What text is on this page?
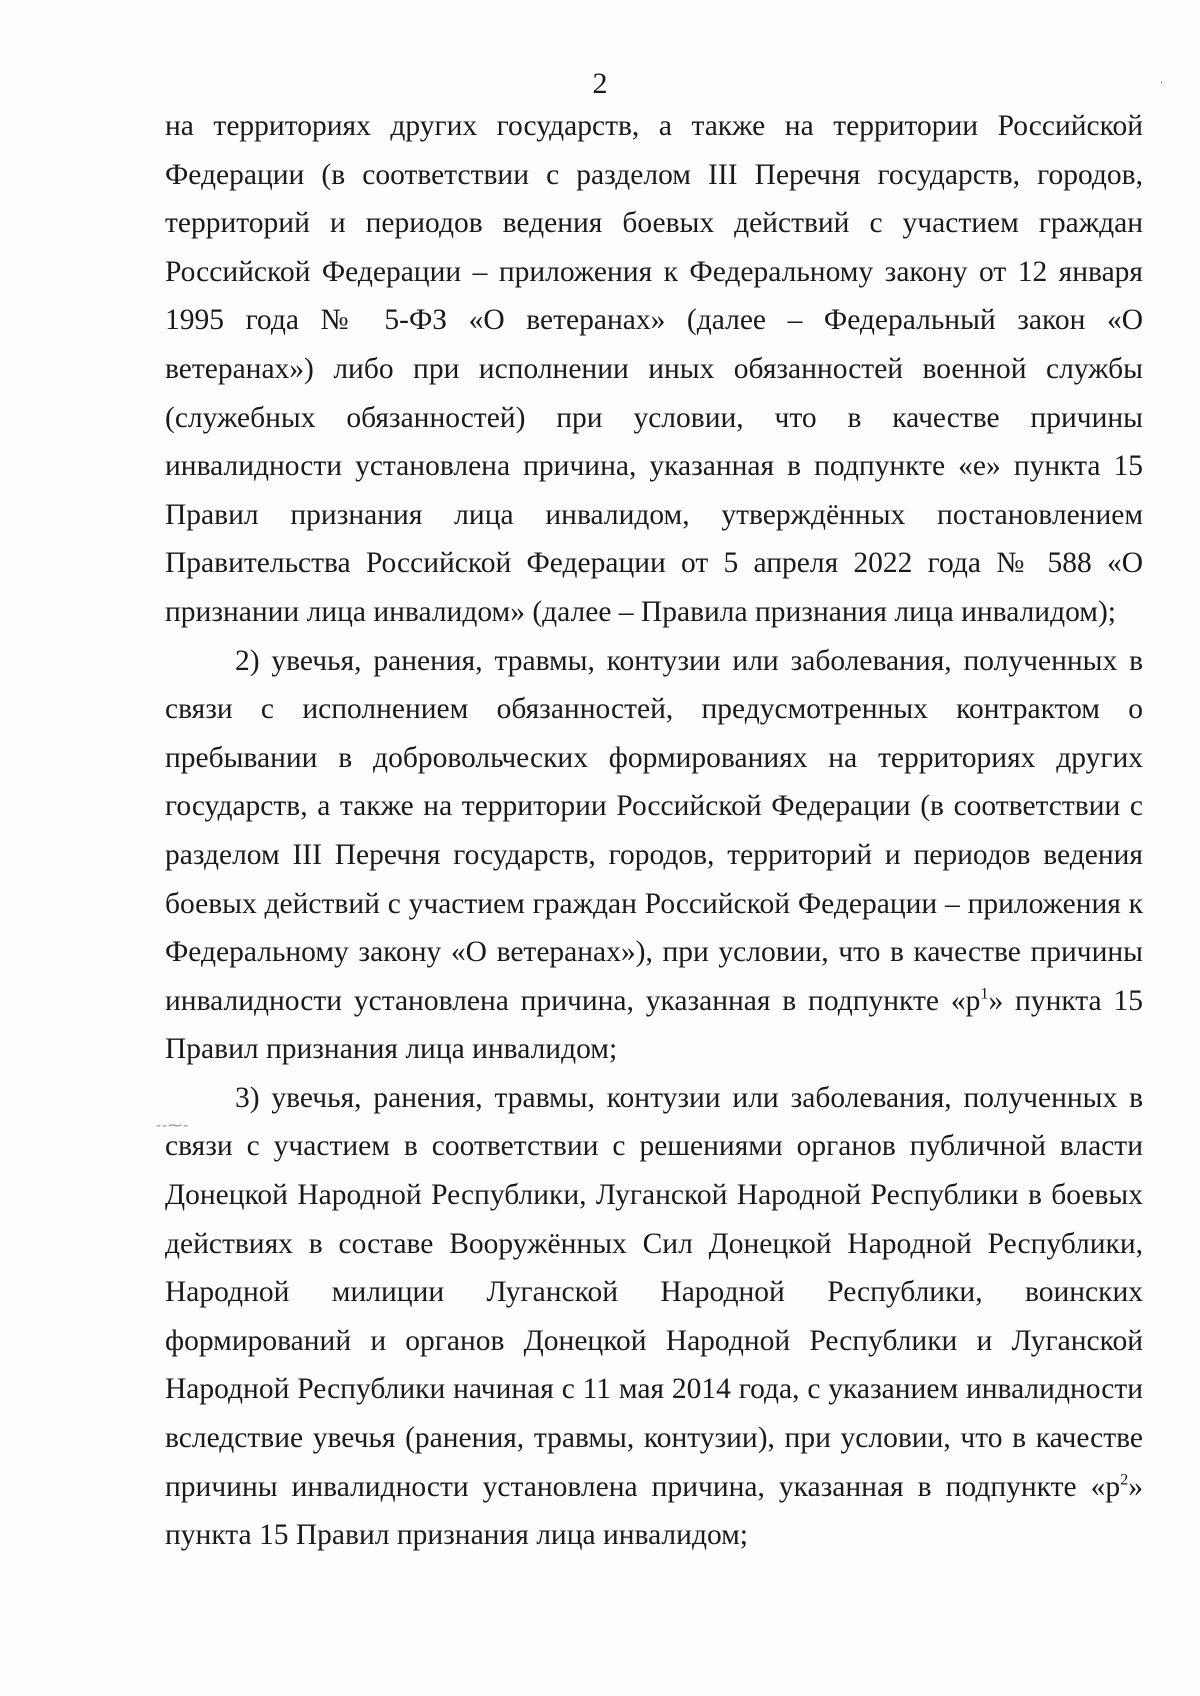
2	·
-‐⁓-

на территориях других государств, а также на территории Российской Федерации (в соответствии с разделом III Перечня государств, городов, территорий и периодов ведения боевых действий с участием граждан Российской Федерации – приложения к Федеральному закону от 12 января 1995 года № 5-ФЗ «О ветеранах» (далее – Федеральный закон «О ветеранах») либо при исполнении иных обязанностей военной службы (служебных обязанностей) при условии, что в качестве причины инвалидности установлена причина, указанная в подпункте «е» пункта 15 Правил признания лица инвалидом, утверждённых постановлением Правительства Российской Федерации от 5 апреля 2022 года № 588 «О признании лица инвалидом» (далее – Правила признания лица инвалидом);

2) увечья, ранения, травмы, контузии или заболевания, полученных в связи с исполнением обязанностей, предусмотренных контрактом о пребывании в добровольческих формированиях на территориях других государств, а также на территории Российской Федерации (в соответствии с разделом III Перечня государств, городов, территорий и периодов ведения боевых действий с участием граждан Российской Федерации – приложения к Федеральному закону «О ветеранах»), при условии, что в качестве причины инвалидности установлена причина, указанная в подпункте «$р^1$» пункта 15 Правил признания лица инвалидом;

3) увечья, ранения, травмы, контузии или заболевания, полученных в связи с участием в соответствии с решениями органов публичной власти Донецкой Народной Республики, Луганской Народной Республики в боевых действиях в составе Вооружённых Сил Донецкой Народной Республики, Народной милиции Луганской Народной Республики, воинских формирований и органов Донецкой Народной Республики и Луганской Народной Республики начиная с 11 мая 2014 года, с указанием инвалидности вследствие увечья (ранения, травмы, контузии), при условии, что в качестве причины инвалидности установлена причина, указанная в подпункте «$р^2$» пункта 15 Правил признания лица инвалидом;
